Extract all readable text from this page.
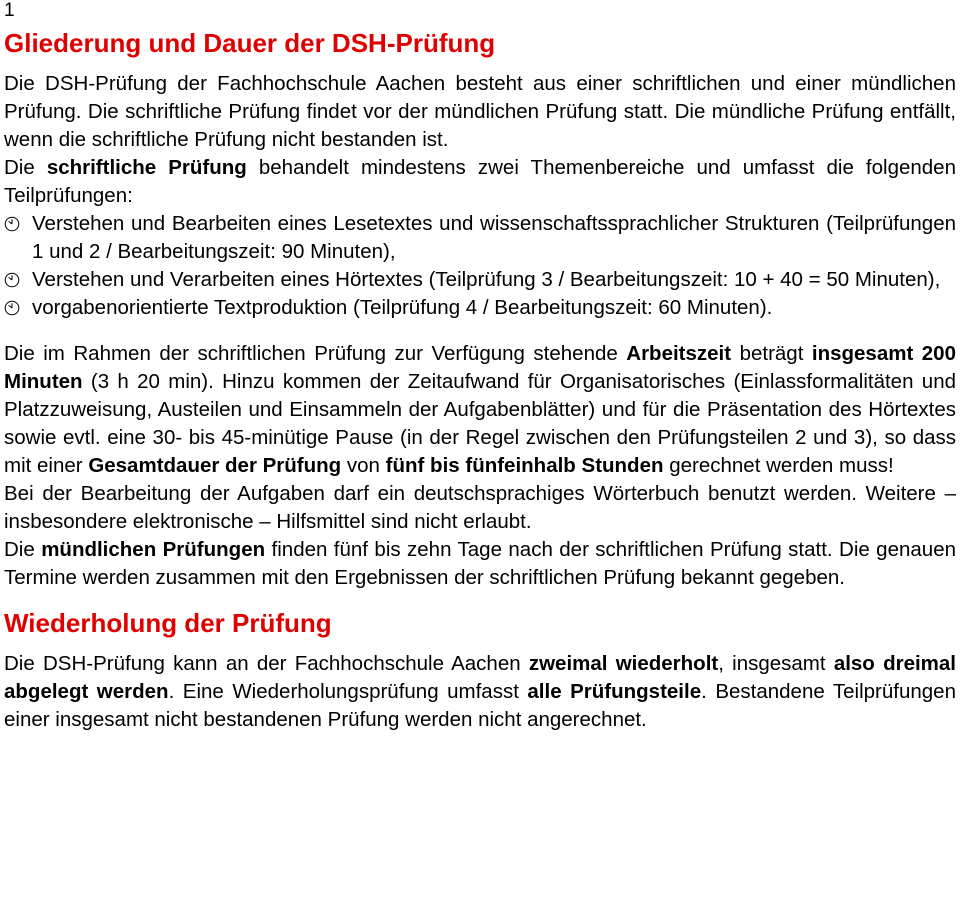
1
Gliederung und Dauer der DSH-Prüfung

Die DSH-Prüfung der Fachhochschule Aachen besteht aus einer schriftlichen und einer mündlichen Prüfung. Die schriftliche Prüfung findet vor der mündlichen Prüfung statt. Die mündliche Prüfung entfällt, wenn die schriftliche Prüfung nicht bestanden ist.

Die schriftliche Prüfung behandelt mindestens zwei Themenbereiche und umfasst die folgenden Teilprüfungen:

Verstehen und Bearbeiten eines Lesetextes und wissenschaftssprachlicher Strukturen (Teilprüfungen 1 und 2 / Bearbeitungszeit: 90 Minuten),
Verstehen und Verarbeiten eines Hörtextes (Teilprüfung 3 / Bearbeitungszeit: 10 + 40 = 50 Minuten),
vorgabenorientierte Textproduktion (Teilprüfung 4 / Bearbeitungszeit: 60 Minuten).

Die im Rahmen der schriftlichen Prüfung zur Verfügung stehende Arbeitszeit beträgt insgesamt 200 Minuten (3 h 20 min). Hinzu kommen der Zeitaufwand für Organisatorisches (Einlassformalitäten und Platzzuweisung, Austeilen und Einsammeln der Aufgabenblätter) und für die Präsentation des Hörtextes sowie evtl. eine 30- bis 45-minütige Pause (in der Regel zwischen den Prüfungsteilen 2 und 3), so dass mit einer Gesamtdauer der Prüfung von fünf bis fünfeinhalb Stunden gerechnet werden muss!

Bei der Bearbeitung der Aufgaben darf ein deutschsprachiges Wörterbuch benutzt werden. Weitere – insbesondere elektronische – Hilfsmittel sind nicht erlaubt.

Die mündlichen Prüfungen finden fünf bis zehn Tage nach der schriftlichen Prüfung statt. Die genauen Termine werden zusammen mit den Ergebnissen der schriftlichen Prüfung bekannt gegeben.

Wiederholung der Prüfung

Die DSH-Prüfung kann an der Fachhochschule Aachen zweimal wiederholt, insgesamt also dreimal abgelegt werden. Eine Wiederholungsprüfung umfasst alle Prüfungsteile. Bestandene Teilprüfungen einer insgesamt nicht bestandenen Prüfung werden nicht angerechnet.
